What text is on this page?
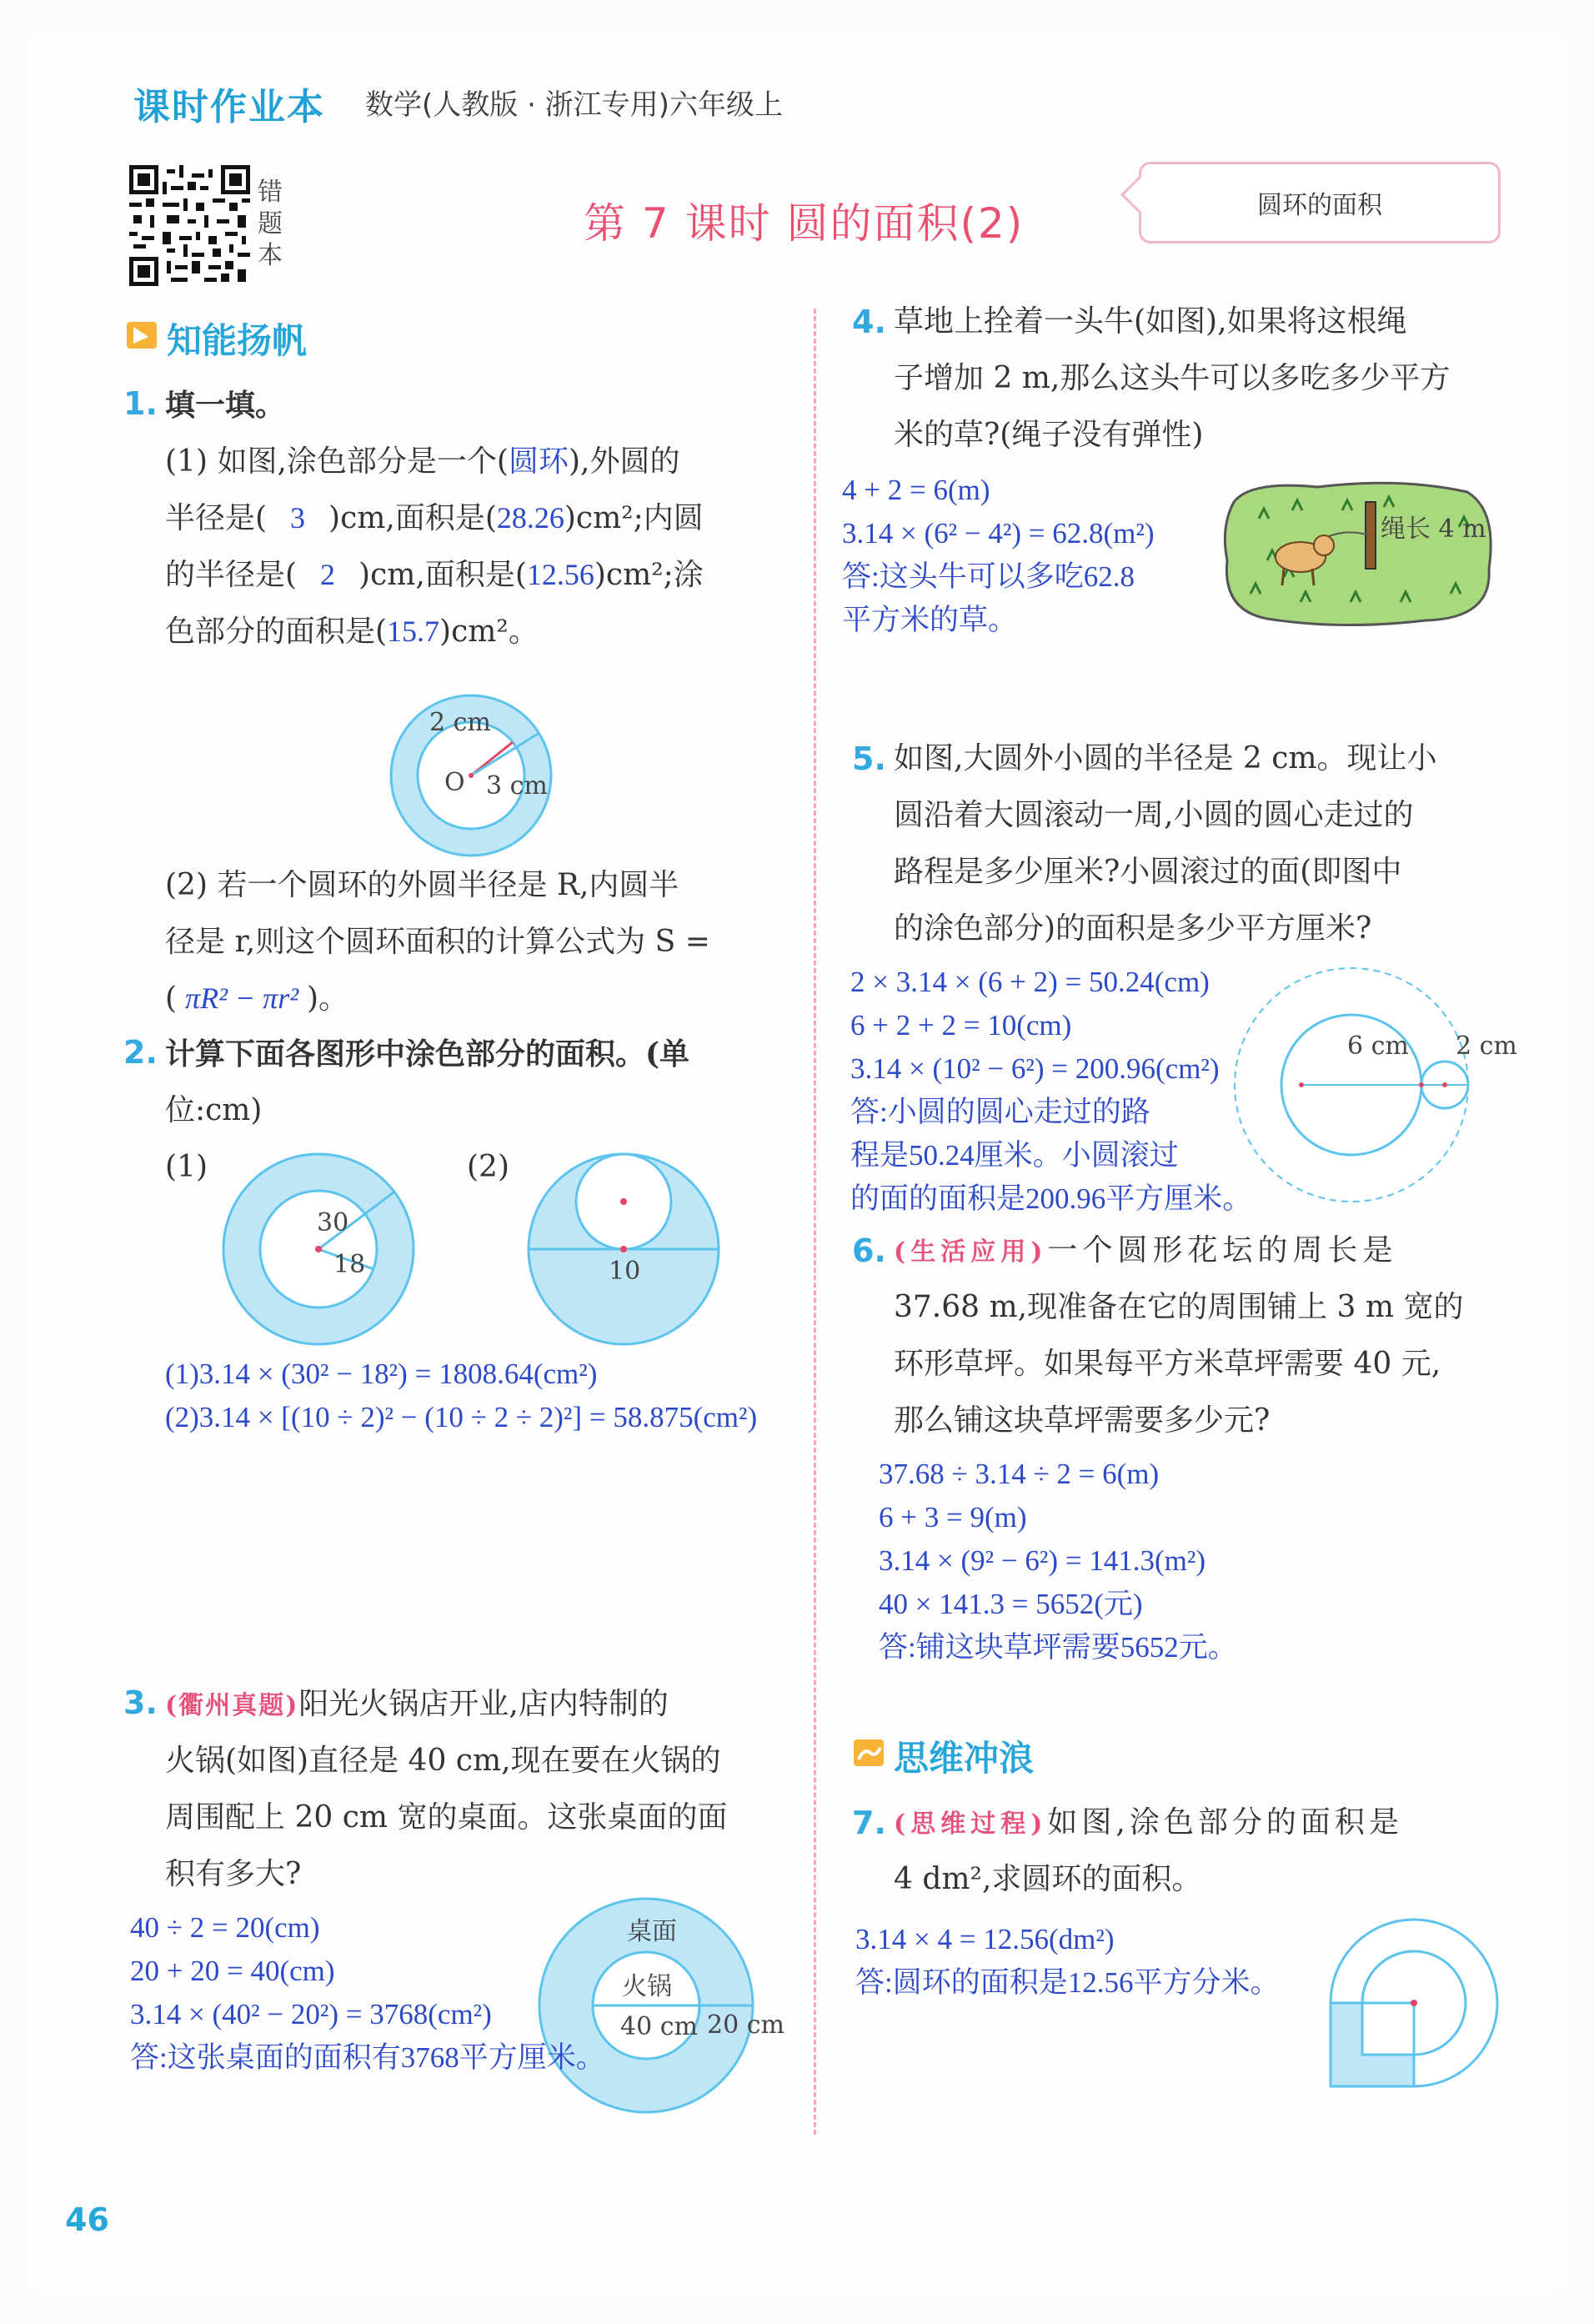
课时作业本 数学(人教版 · 浙江专用)六年级上
错题本
第 7 课时 圆的面积(2)	圆环的面积
知能扬帆
1. 填一填。
(1) 如图,涂色部分是一个(圆环),外圆的
半径是( 3 )cm,面积是(28.26)cm²;内圆
的半径是( 2 )cm,面积是(12.56)cm²;涂
色部分的面积是(15.7)cm²。
2 cm
O 3 cm
(2) 若一个圆环的外圆半径是 R,内圆半
径是 r,则这个圆环面积的计算公式为 S =
( πR² − πr² )。
2. 计算下面各图形中涂色部分的面积。(单
位:cm)
(1)	(2)
30
18	10
(1)3.14 × (30² − 18²) = 1808.64(cm²)
(2)3.14 × [(10 ÷ 2)² − (10 ÷ 2 ÷ 2)²] = 58.875(cm²)
3. (衢州真题)阳光火锅店开业,店内特制的
火锅(如图)直径是 40 cm,现在要在火锅的
周围配上 20 cm 宽的桌面。这张桌面的面
积有多大?
桌面
火锅
40 cm 20 cm
40 ÷ 2 = 20(cm)
20 + 20 = 40(cm)
3.14 × (40² − 20²) = 3768(cm²)
答:这张桌面的面积有3768平方厘米。
4. 草地上拴着一头牛(如图),如果将这根绳
子增加 2 m,那么这头牛可以多吃多少平方
米的草?(绳子没有弹性)
绳长 4 m
4 + 2 = 6(m)
3.14 × (6² − 4²) = 62.8(m²)
答:这头牛可以多吃62.8
平方米的草。
5. 如图,大圆外小圆的半径是 2 cm。现让小
圆沿着大圆滚动一周,小圆的圆心走过的
路程是多少厘米?小圆滚过的面(即图中
的涂色部分)的面积是多少平方厘米?
6 cm 2 cm
2 × 3.14 × (6 + 2) = 50.24(cm)
6 + 2 + 2 = 10(cm)
3.14 × (10² − 6²) = 200.96(cm²)
答:小圆的圆心走过的路
程是50.24厘米。小圆滚过
的面的面积是200.96平方厘米。
6. (生活应用)一个圆形花坛的周长是
37.68 m,现准备在它的周围铺上 3 m 宽的
环形草坪。如果每平方米草坪需要 40 元,
那么铺这块草坪需要多少元?
37.68 ÷ 3.14 ÷ 2 = 6(m)
6 + 3 = 9(m)
3.14 × (9² − 6²) = 141.3(m²)
40 × 141.3 = 5652(元)
答:铺这块草坪需要5652元。
思维冲浪
7. (思维过程)如图,涂色部分的面积是
4 dm²,求圆环的面积。
3.14 × 4 = 12.56(dm²)
答:圆环的面积是12.56平方分米。
46
